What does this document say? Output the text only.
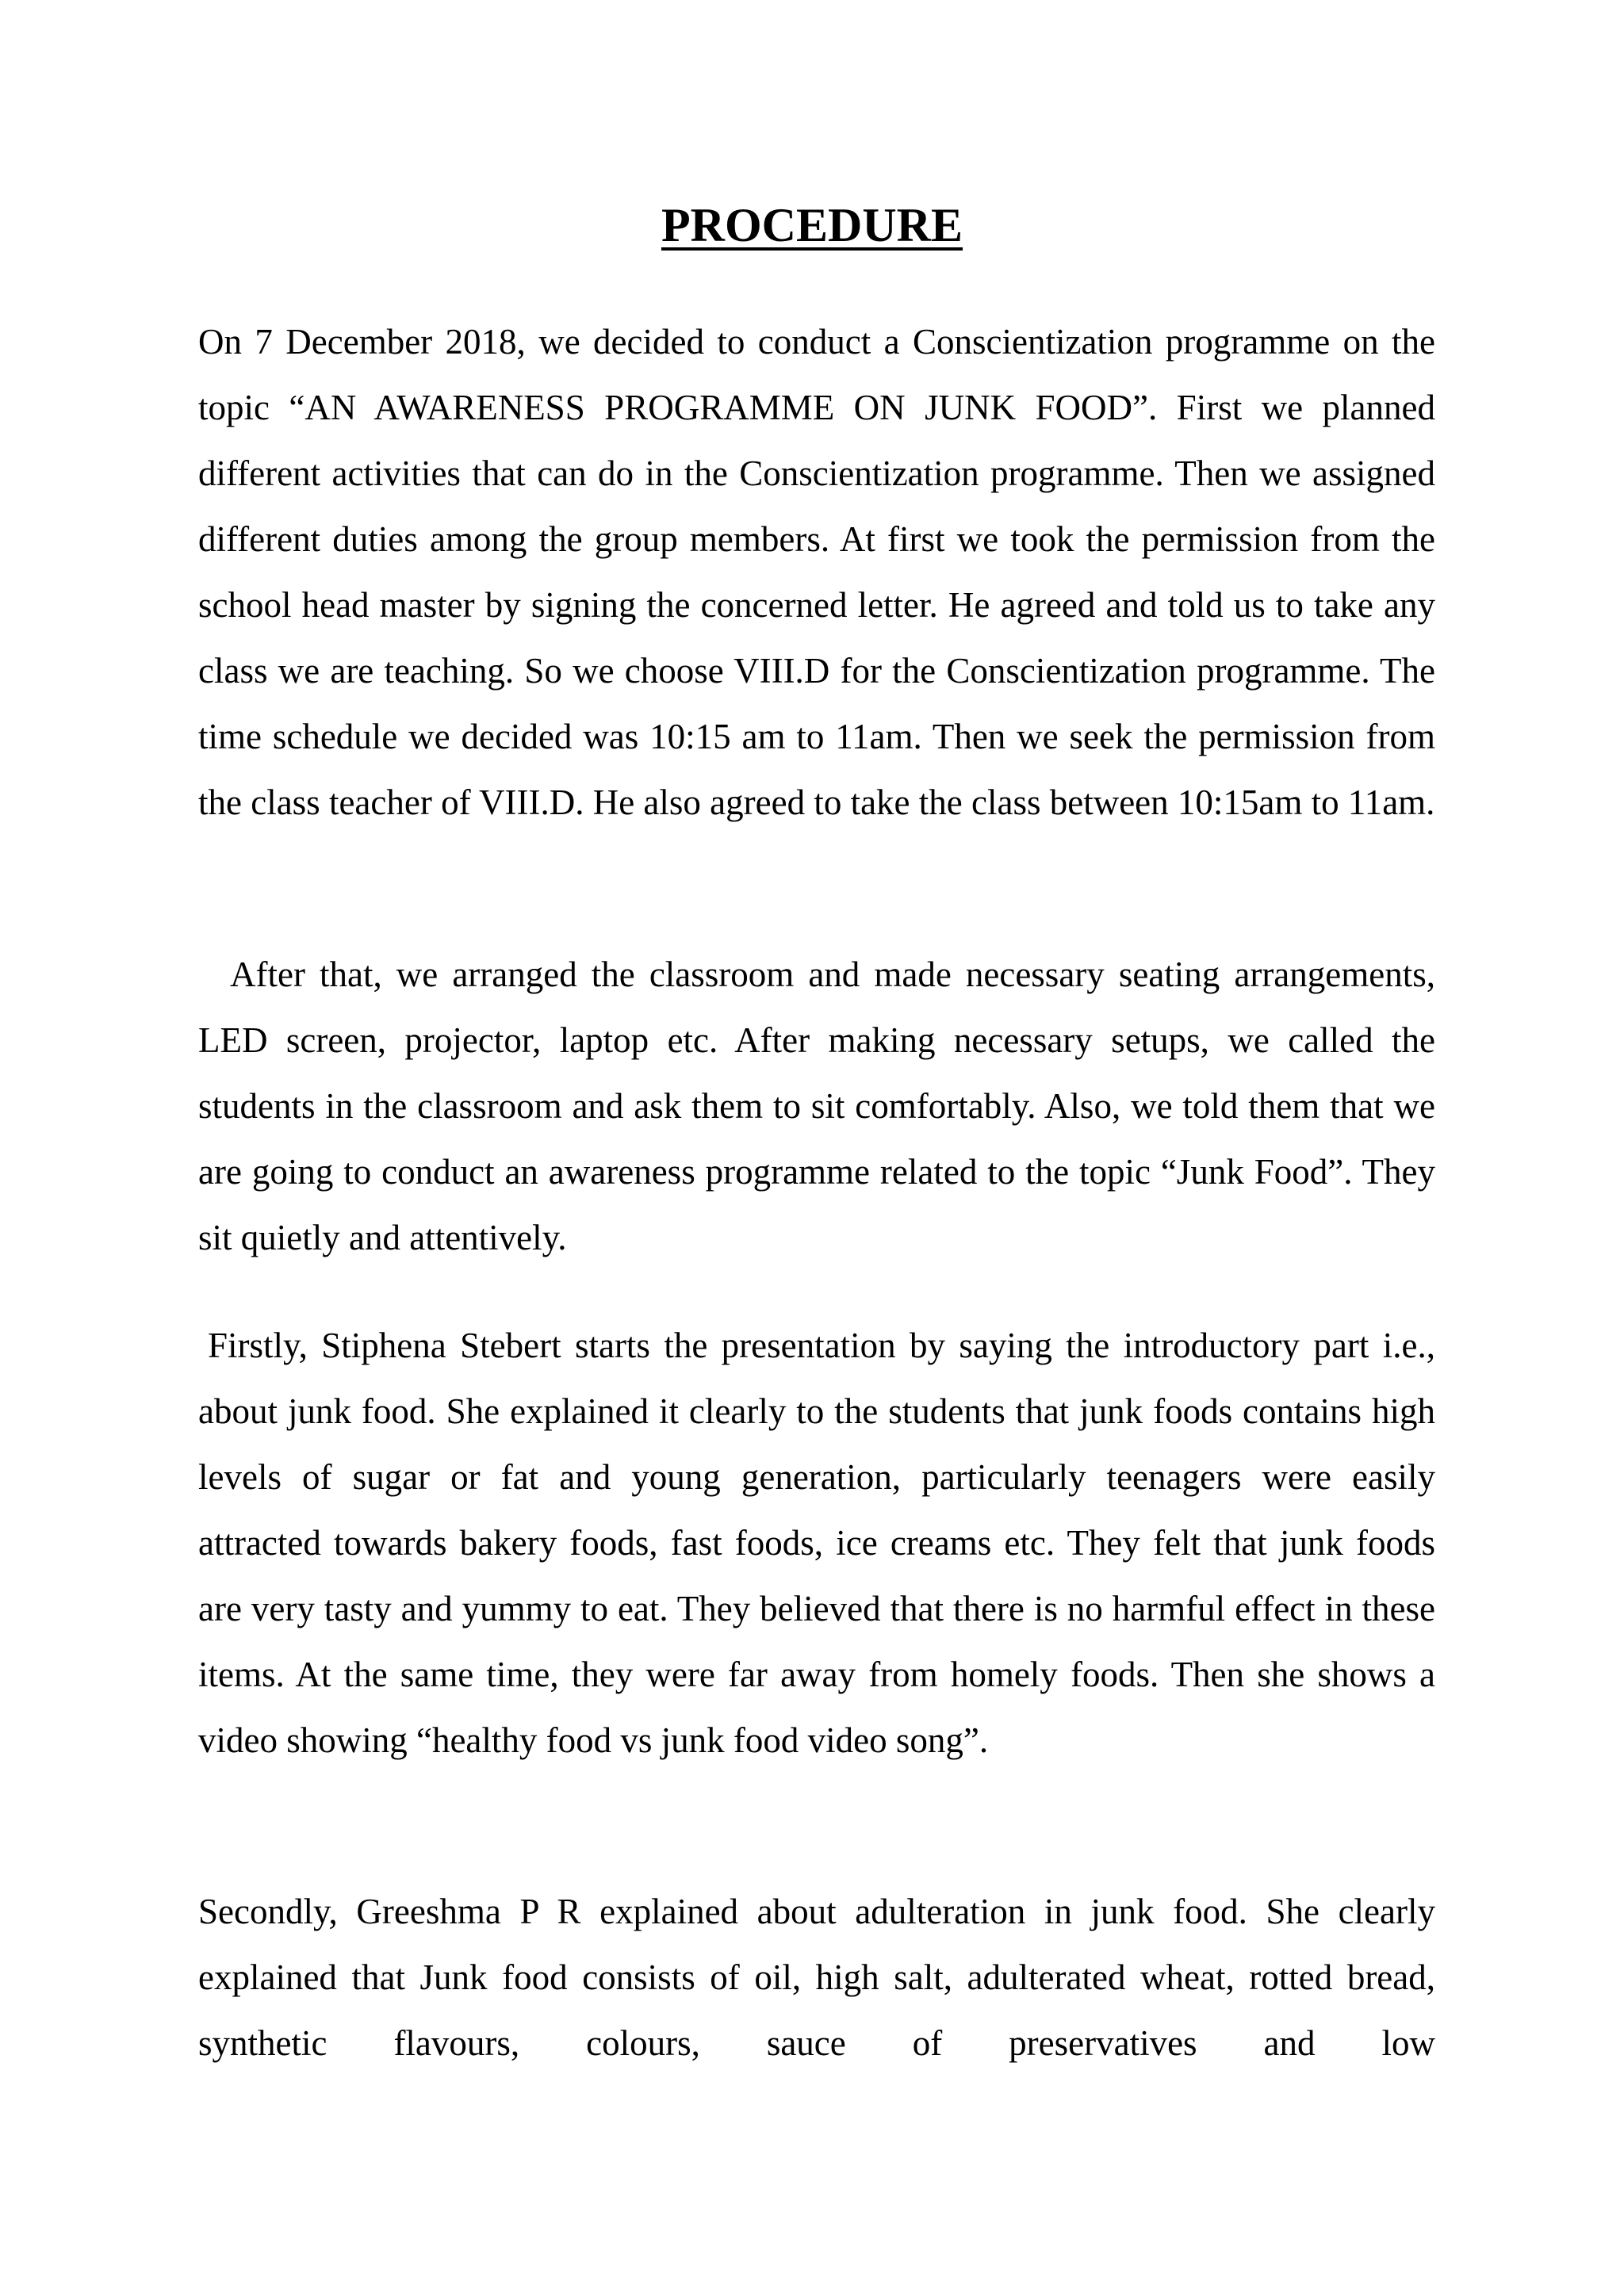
PROCEDURE

On 7 December 2018, we decided to conduct a Conscientization programme on the topic “AN AWARENESS PROGRAMME ON JUNK FOOD”. First we planned different activities that can do in the Conscientization programme. Then we assigned different duties among the group members. At first we took the permission from the school head master by signing the concerned letter. He agreed and told us to take any class we are teaching. So we choose VIII.D for the Conscientization programme. The time schedule we decided was 10:15 am to 11am. Then we seek the permission from the class teacher of VIII.D. He also agreed to take the class between 10:15am to 11am.

After that, we arranged the classroom and made necessary seating arrangements, LED screen, projector, laptop etc. After making necessary setups, we called the students in the classroom and ask them to sit comfortably. Also, we told them that we are going to conduct an awareness programme related to the topic “Junk Food”. They sit quietly and attentively.

Firstly, Stiphena Stebert starts the presentation by saying the introductory part i.e., about junk food. She explained it clearly to the students that junk foods contains high levels of sugar or fat and young generation, particularly teenagers were easily attracted towards bakery foods, fast foods, ice creams etc. They felt that junk foods are very tasty and yummy to eat. They believed that there is no harmful effect in these items. At the same time, they were far away from homely foods. Then she shows a video showing “healthy food vs junk food video song”.

Secondly, Greeshma P R explained about adulteration in junk food. She clearly explained that Junk food consists of oil, high salt, adulterated wheat, rotted bread, synthetic flavours, colours, sauce of preservatives and low
